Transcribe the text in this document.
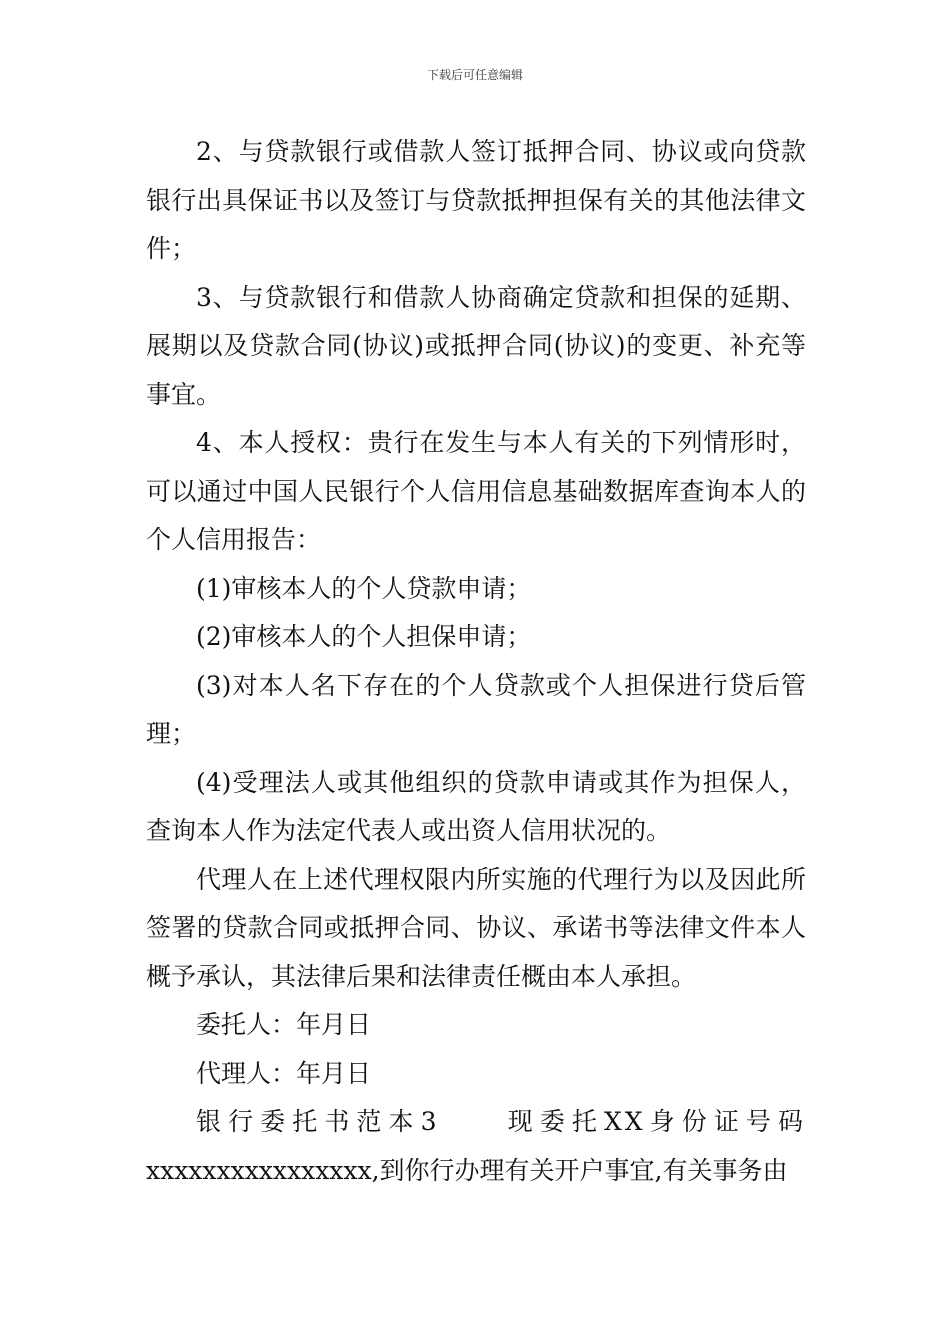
下载后可任意编辑

2、与贷款银行或借款人签订抵押合同、协议或向贷款银行出具保证书以及签订与贷款抵押担保有关的其他法律文件；

3、与贷款银行和借款人协商确定贷款和担保的延期、展期以及贷款合同(协议)或抵押合同(协议)的变更、补充等事宜。

4、本人授权：贵行在发生与本人有关的下列情形时，可以通过中国人民银行个人信用信息基础数据库查询本人的个人信用报告：

(1)审核本人的个人贷款申请；

(2)审核本人的个人担保申请；

(3)对本人名下存在的个人贷款或个人担保进行贷后管理；

(4)受理法人或其他组织的贷款申请或其作为担保人，查询本人作为法定代表人或出资人信用状况的。

代理人在上述代理权限内所实施的代理行为以及因此所签署的贷款合同或抵押合同、协议、承诺书等法律文件本人概予承认，其法律后果和法律责任概由本人承担。

委托人：年月日

代理人：年月日

银行委托书范本3　　现委托XX身份证号码

xxxxxxxxxxxxxxxx,到你行办理有关开户事宜,有关事务由
